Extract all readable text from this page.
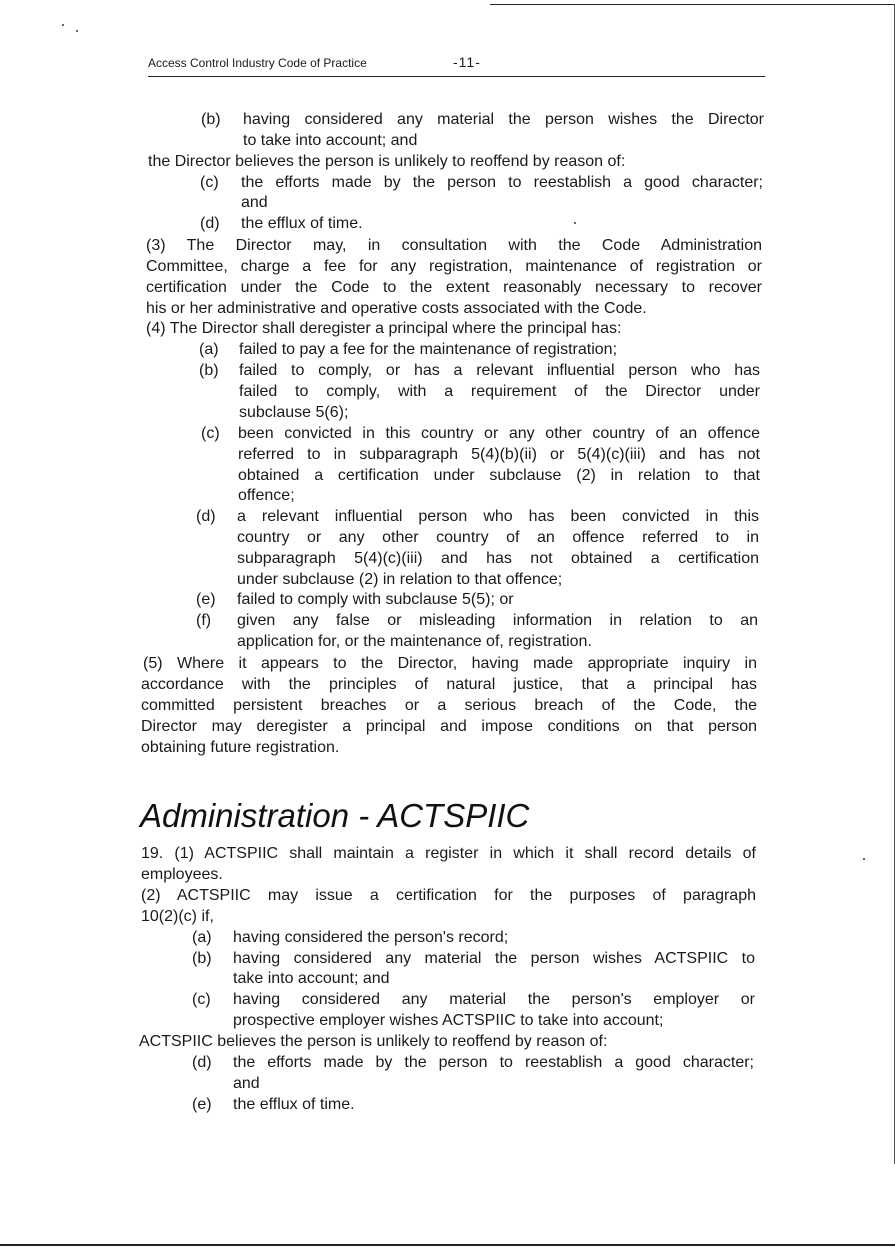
Access Control Industry Code of Practice	-11-
(b) having considered any material the person wishes the Director
to take into account; and
the Director believes the person is unlikely to reoffend by reason of:
(c) the efforts made by the person to reestablish a good character;
and
(d) the efflux of time.
(3) The Director may, in consultation with the Code Administration
Committee, charge a fee for any registration, maintenance of registration or
certification under the Code to the extent reasonably necessary to recover
his or her administrative and operative costs associated with the Code.
(4) The Director shall deregister a principal where the principal has:
(a) failed to pay a fee for the maintenance of registration;
(b) failed to comply, or has a relevant influential person who has
failed to comply, with a requirement of the Director under
subclause 5(6);
(c) been convicted in this country or any other country of an offence
referred to in subparagraph 5(4)(b)(ii) or 5(4)(c)(iii) and has not
obtained a certification under subclause (2) in relation to that
offence;
(d) a relevant influential person who has been convicted in this
country or any other country of an offence referred to in
subparagraph 5(4)(c)(iii) and has not obtained a certification
under subclause (2) in relation to that offence;
(e) failed to comply with subclause 5(5); or
(f) given any false or misleading information in relation to an
application for, or the maintenance of, registration.
(5) Where it appears to the Director, having made appropriate inquiry in
accordance with the principles of natural justice, that a principal has
committed persistent breaches or a serious breach of the Code, the
Director may deregister a principal and impose conditions on that person
obtaining future registration.
Administration - ACTSPIIC
19. (1) ACTSPIIC shall maintain a register in which it shall record details of
employees.
(2) ACTSPIIC may issue a certification for the purposes of paragraph
10(2)(c) if,
(a) having considered the person's record;
(b) having considered any material the person wishes ACTSPIIC to
take into account; and
(c) having considered any material the person's employer or
prospective employer wishes ACTSPIIC to take into account;
ACTSPIIC believes the person is unlikely to reoffend by reason of:
(d) the efforts made by the person to reestablish a good character;
and
(e) the efflux of time.
